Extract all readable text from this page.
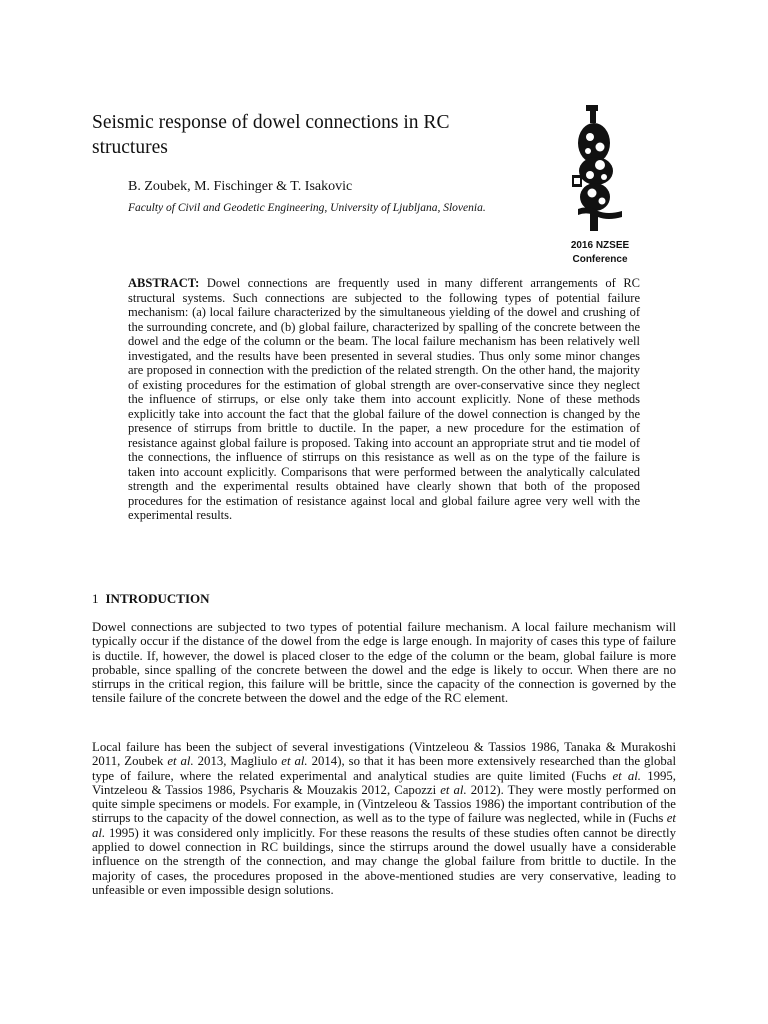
Seismic response of dowel connections in RC structures
B. Zoubek, M. Fischinger & T. Isakovic
Faculty of Civil and Geodetic Engineering, University of Ljubljana, Slovenia.
2016 NZSEE
Conference

ABSTRACT: Dowel connections are frequently used in many different arrangements of RC structural systems. Such connections are subjected to the following types of potential failure mechanism: (a) local failure characterized by the simultaneous yielding of the dowel and crushing of the surrounding concrete, and (b) global failure, characterized by spalling of the concrete between the dowel and the edge of the column or the beam. The local failure mechanism has been relatively well investigated, and the results have been presented in several studies. Thus only some minor changes are proposed in connection with the prediction of the related strength. On the other hand, the majority of existing procedures for the estimation of global strength are over-conservative since they neglect the influence of stirrups, or else only take them into account explicitly. None of these methods explicitly take into account the fact that the global failure of the dowel connection is changed by the presence of stirrups from brittle to ductile. In the paper, a new procedure for the estimation of resistance against global failure is proposed. Taking into account an appropriate strut and tie model of the connections, the influence of stirrups on this resistance as well as on the type of the failure is taken into account explicitly. Comparisons that were performed between the analytically calculated strength and the experimental results obtained have clearly shown that both of the proposed procedures for the estimation of resistance against local and global failure agree very well with the experimental results.

1 INTRODUCTION

Dowel connections are subjected to two types of potential failure mechanism. A local failure mechanism will typically occur if the distance of the dowel from the edge is large enough. In majority of cases this type of failure is ductile. If, however, the dowel is placed closer to the edge of the column or the beam, global failure is more probable, since spalling of the concrete between the dowel and the edge is likely to occur. When there are no stirrups in the critical region, this failure will be brittle, since the capacity of the connection is governed by the tensile failure of the concrete between the dowel and the edge of the RC element.

Local failure has been the subject of several investigations (Vintzeleou & Tassios 1986, Tanaka & Murakoshi 2011, Zoubek et al. 2013, Magliulo et al. 2014), so that it has been more extensively researched than the global type of failure, where the related experimental and analytical studies are quite limited (Fuchs et al. 1995, Vintzeleou & Tassios 1986, Psycharis & Mouzakis 2012, Capozzi et al. 2012). They were mostly performed on quite simple specimens or models. For example, in (Vintzeleou & Tassios 1986) the important contribution of the stirrups to the capacity of the dowel connection, as well as to the type of failure was neglected, while in (Fuchs et al. 1995) it was considered only implicitly. For these reasons the results of these studies often cannot be directly applied to dowel connection in RC buildings, since the stirrups around the dowel usually have a considerable influence on the strength of the connection, and may change the global failure from brittle to ductile. In the majority of cases, the procedures proposed in the above-mentioned studies are very conservative, leading to unfeasible or even impossible design solutions.
